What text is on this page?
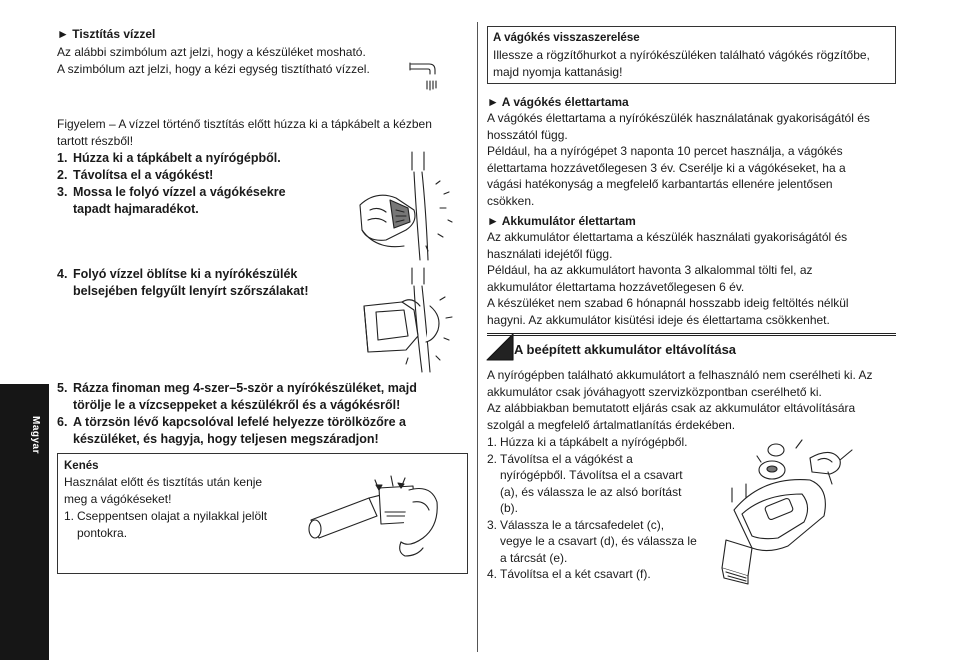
Magyar
► Tisztítás vízzel
Az alábbi szimbólum azt jelzi, hogy a készüléket mosható.
A szimbólum azt jelzi, hogy a kézi egység tisztítható vízzel.
Figyelem – A vízzel történő tisztítás előtt húzza ki a tápkábelt a kézben
tartott részből!
1. Húzza ki a tápkábelt a nyírógépből.
2. Távolítsa el a vágókést!
3. Mossa le folyó vízzel a vágókésekre
tapadt hajmaradékot.
4. Folyó vízzel öblítse ki a nyírókészülék
belsejében felgyűlt lenyírt szőrszálakat!
5. Rázza finoman meg 4-szer–5-ször a nyírókészüléket, majd
törölje le a vízcseppeket a készülékről és a vágókésről!
6. A törzsön lévő kapcsolóval lefelé helyezze törölközőre a
készüléket, és hagyja, hogy teljesen megszáradjon!
Kenés
Használat előtt és tisztítás után kenje
meg a vágókéseket!
1. Cseppentsen olajat a nyilakkal jelölt
pontokra.
A vágókés visszaszerelése
Illessze a rögzítőhurkot a nyírókészüléken található vágókés rögzítőbe,
majd nyomja kattanásig!
► A vágókés élettartama
A vágókés élettartama a nyírókészülék használatának gyakoriságától és
hosszától függ.
Például, ha a nyírógépet 3 naponta 10 percet használja, a vágókés
élettartama hozzávetőlegesen 3 év. Cserélje ki a vágókéseket, ha a
vágási hatékonyság a megfelelő karbantartás ellenére jelentősen
csökken.
► Akkumulátor élettartam
Az akkumulátor élettartama a készülék használati gyakoriságától és
használati idejétől függ.
Például, ha az akkumulátort havonta 3 alkalommal tölti fel, az
akkumulátor élettartama hozzávetőlegesen 6 év.
A készüléket nem szabad 6 hónapnál hosszabb ideig feltöltés nélkül
hagyni. Az akkumulátor kisütési ideje és élettartama csökkenhet.
A beépített akkumulátor eltávolítása
A nyírógépben található akkumulátort a felhasználó nem cserélheti ki. Az
akkumulátor csak jóváhagyott szervizközpontban cserélhető ki.
Az alábbiakban bemutatott eljárás csak az akkumulátor eltávolítására
szolgál a megfelelő ártalmatlanítás érdekében.
1. Húzza ki a tápkábelt a nyírógépből.
2. Távolítsa el a vágókést a
nyírógépből. Távolítsa el a csavart
(a), és válassza le az alsó borítást
(b).
3. Válassza le a tárcsafedelet (c),
vegye le a csavart (d), és válassza le
a tárcsát (e).
4. Távolítsa el a két csavart (f).
